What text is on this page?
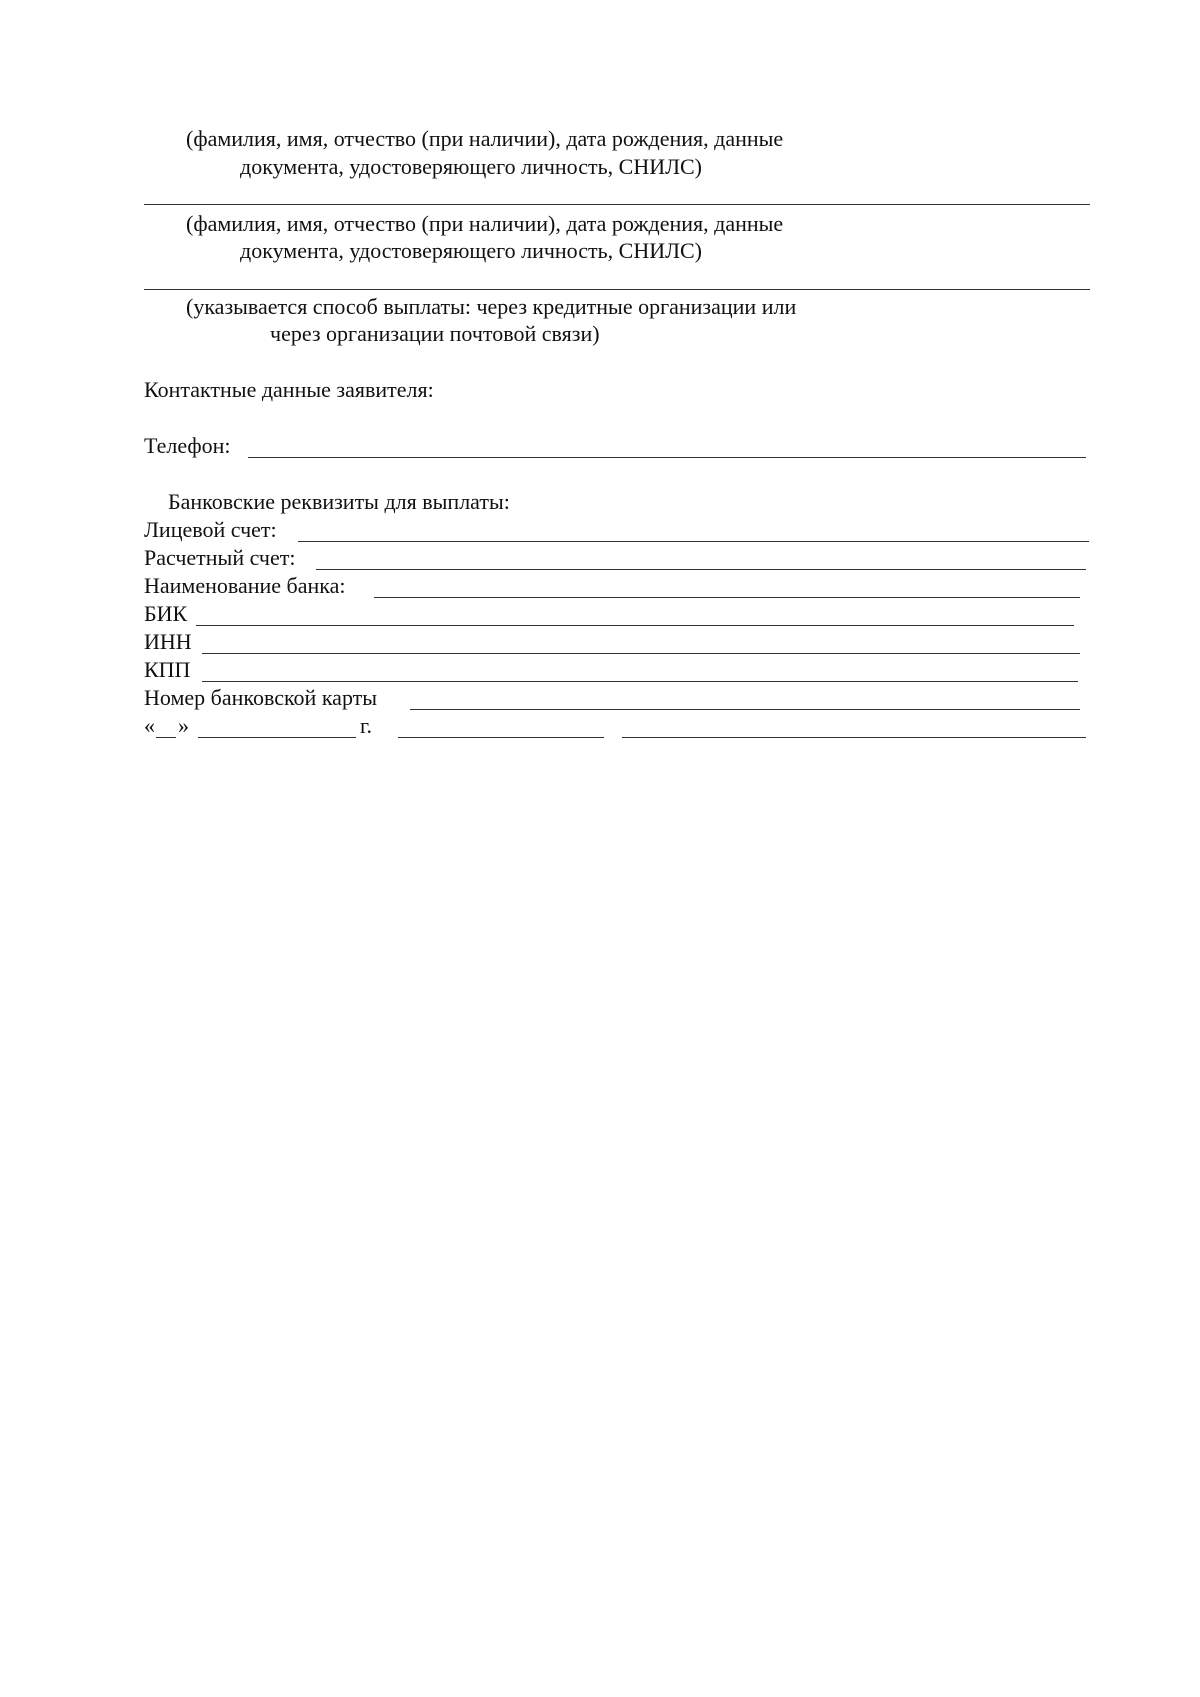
(фамилия, имя, отчество (при наличии), дата рождения, данные
документа, удостоверяющего личность, СНИЛС)
(фамилия, имя, отчество (при наличии), дата рождения, данные
документа, удостоверяющего личность, СНИЛС)
(указывается способ выплаты: через кредитные организации или
через организации почтовой связи)
Контактные данные заявителя:
Телефон:
Банковские реквизиты для выплаты:
Лицевой счет:
Расчетный счет:
Наименование банка:
БИК
ИНН
КПП
Номер банковской карты
« »	г.
